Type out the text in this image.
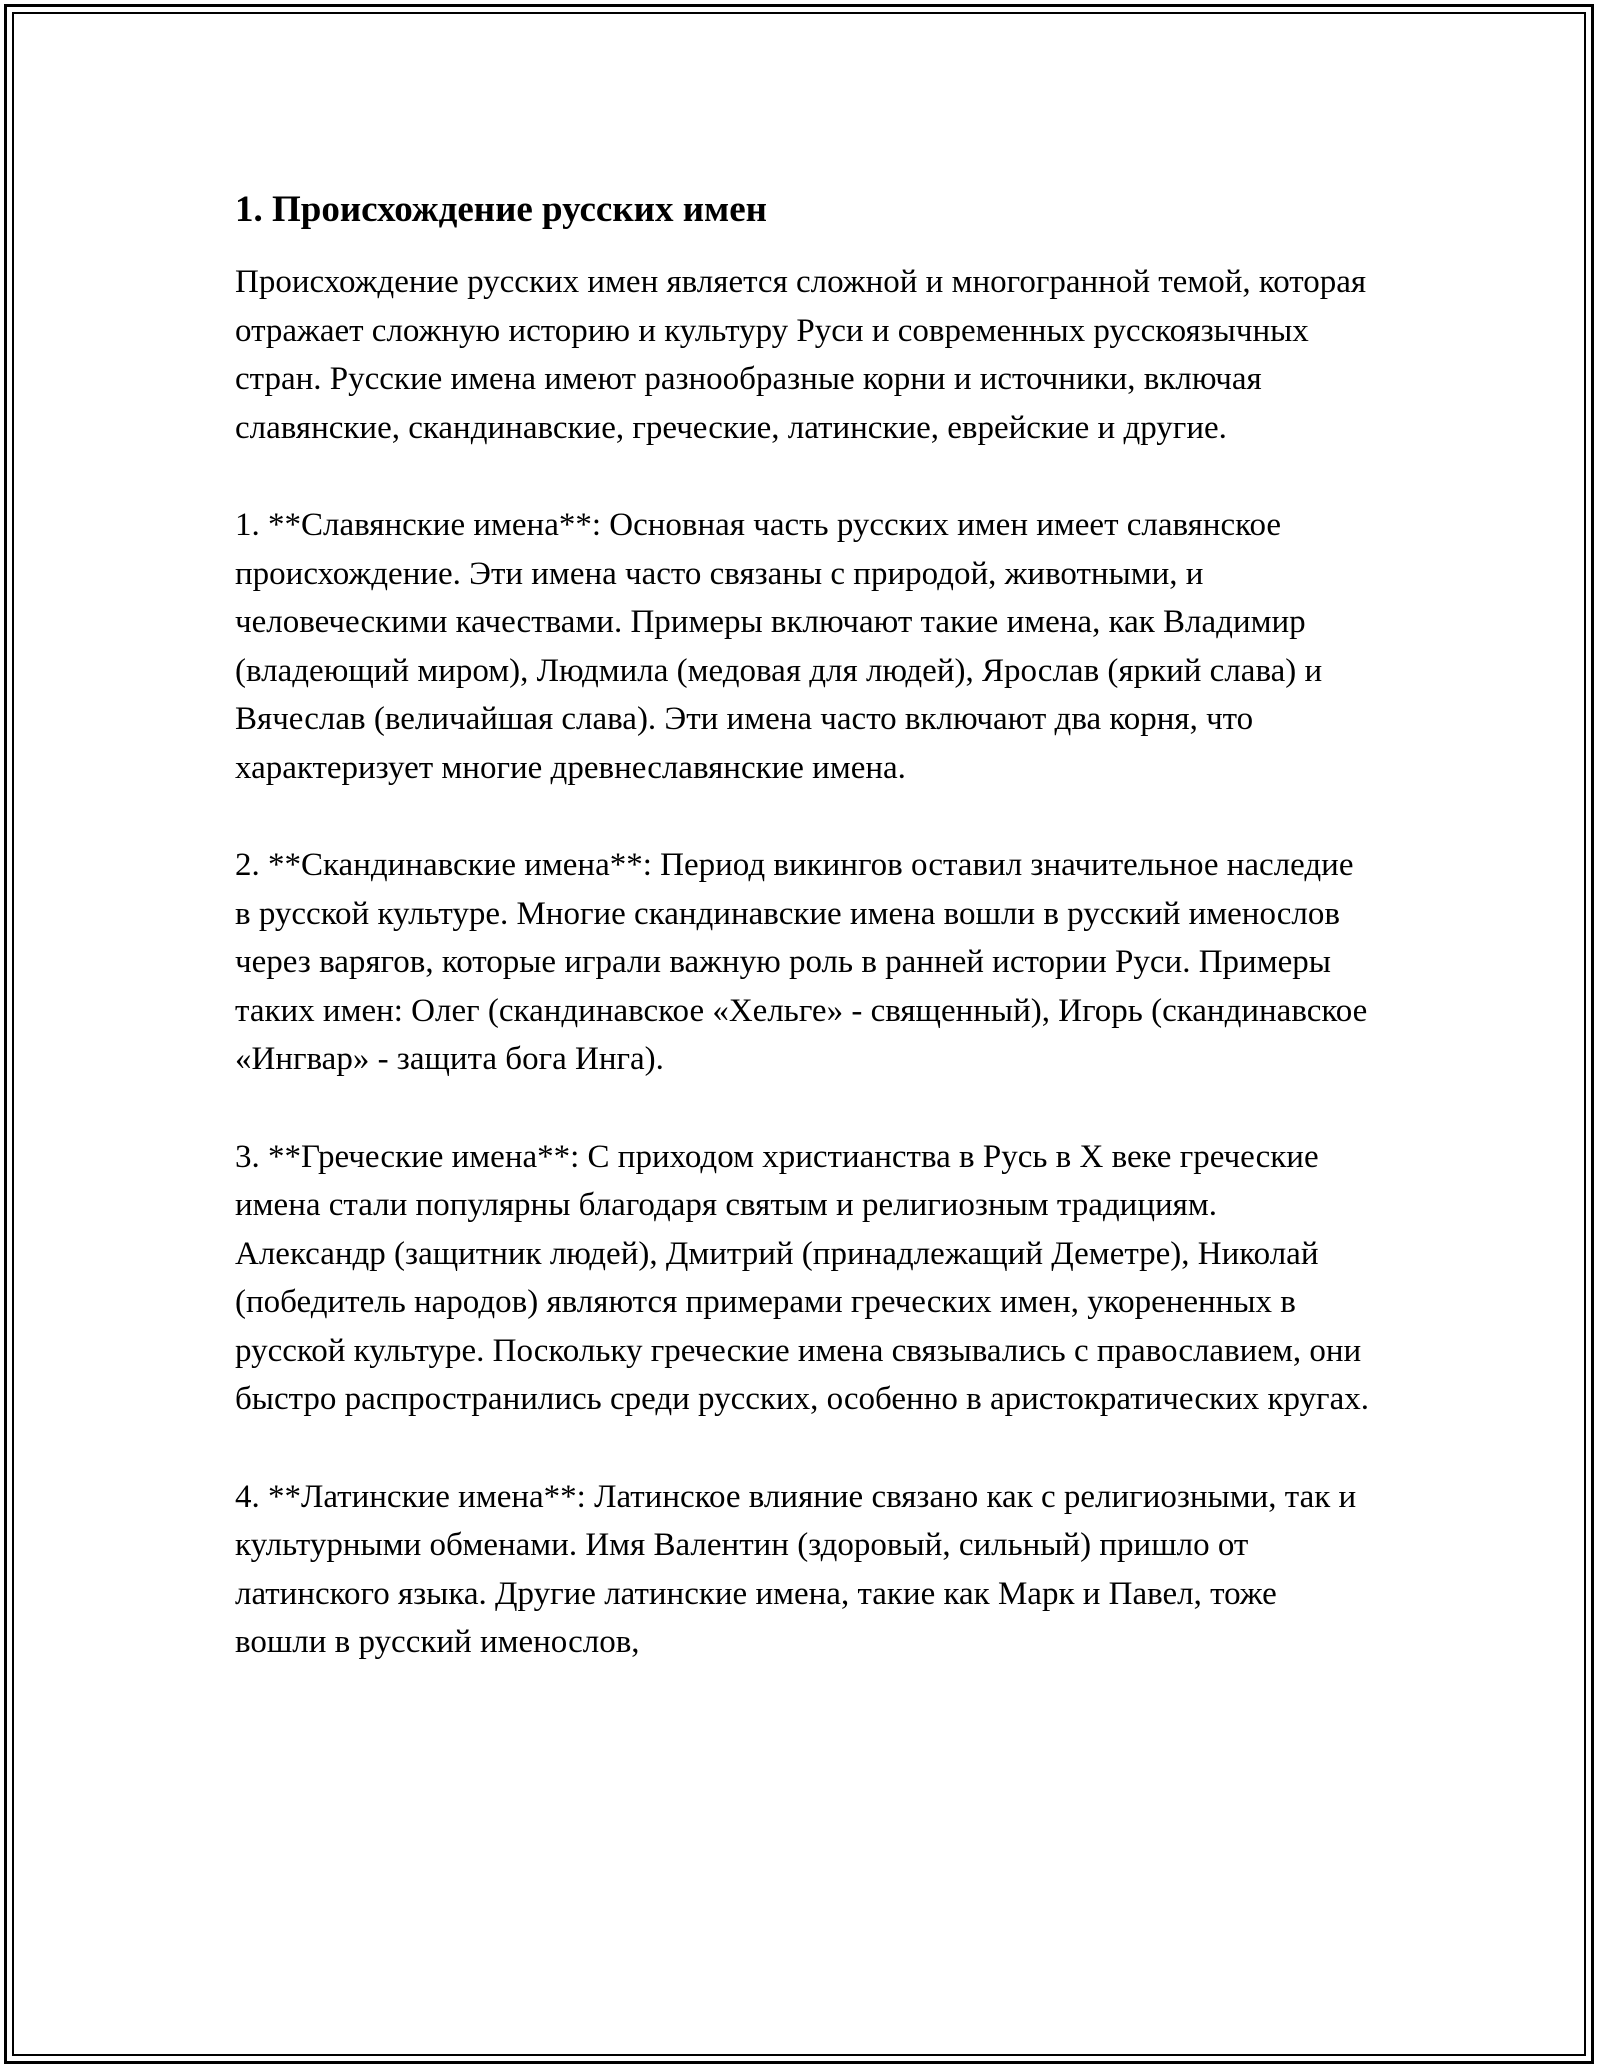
1. Происхождение русских имен

Происхождение русских имен является сложной и многогранной темой, которая отражает сложную историю и культуру Руси и современных русскоязычных стран. Русские имена имеют разнообразные корни и источники, включая славянские, скандинавские, греческие, латинские, еврейские и другие.

1. **Славянские имена**: Основная часть русских имен имеет славянское происхождение. Эти имена часто связаны с природой, животными, и человеческими качествами. Примеры включают такие имена, как Владимир (владеющий миром), Людмила (медовая для людей), Ярослав (яркий слава) и Вячеслав (величайшая слава). Эти имена часто включают два корня, что характеризует многие древнеславянские имена.

2. **Скандинавские имена**: Период викингов оставил значительное наследие в русской культуре. Многие скандинавские имена вошли в русский именослов через варягов, которые играли важную роль в ранней истории Руси. Примеры таких имен: Олег (скандинавское «Хельге» - священный), Игорь (скандинавское «Ингвар» - защита бога Инга).

3. **Греческие имена**: С приходом христианства в Русь в X веке греческие имена стали популярны благодаря святым и религиозным традициям. Александр (защитник людей), Дмитрий (принадлежащий Деметре), Николай (победитель народов) являются примерами греческих имен, укорененных в русской культуре. Поскольку греческие имена связывались с православием, они быстро распространились среди русских, особенно в аристократических кругах.

4. **Латинские имена**: Латинское влияние связано как с религиозными, так и культурными обменами. Имя Валентин (здоровый, сильный) пришло от латинского языка. Другие латинские имена, такие как Марк и Павел, тоже вошли в русский именослов,
